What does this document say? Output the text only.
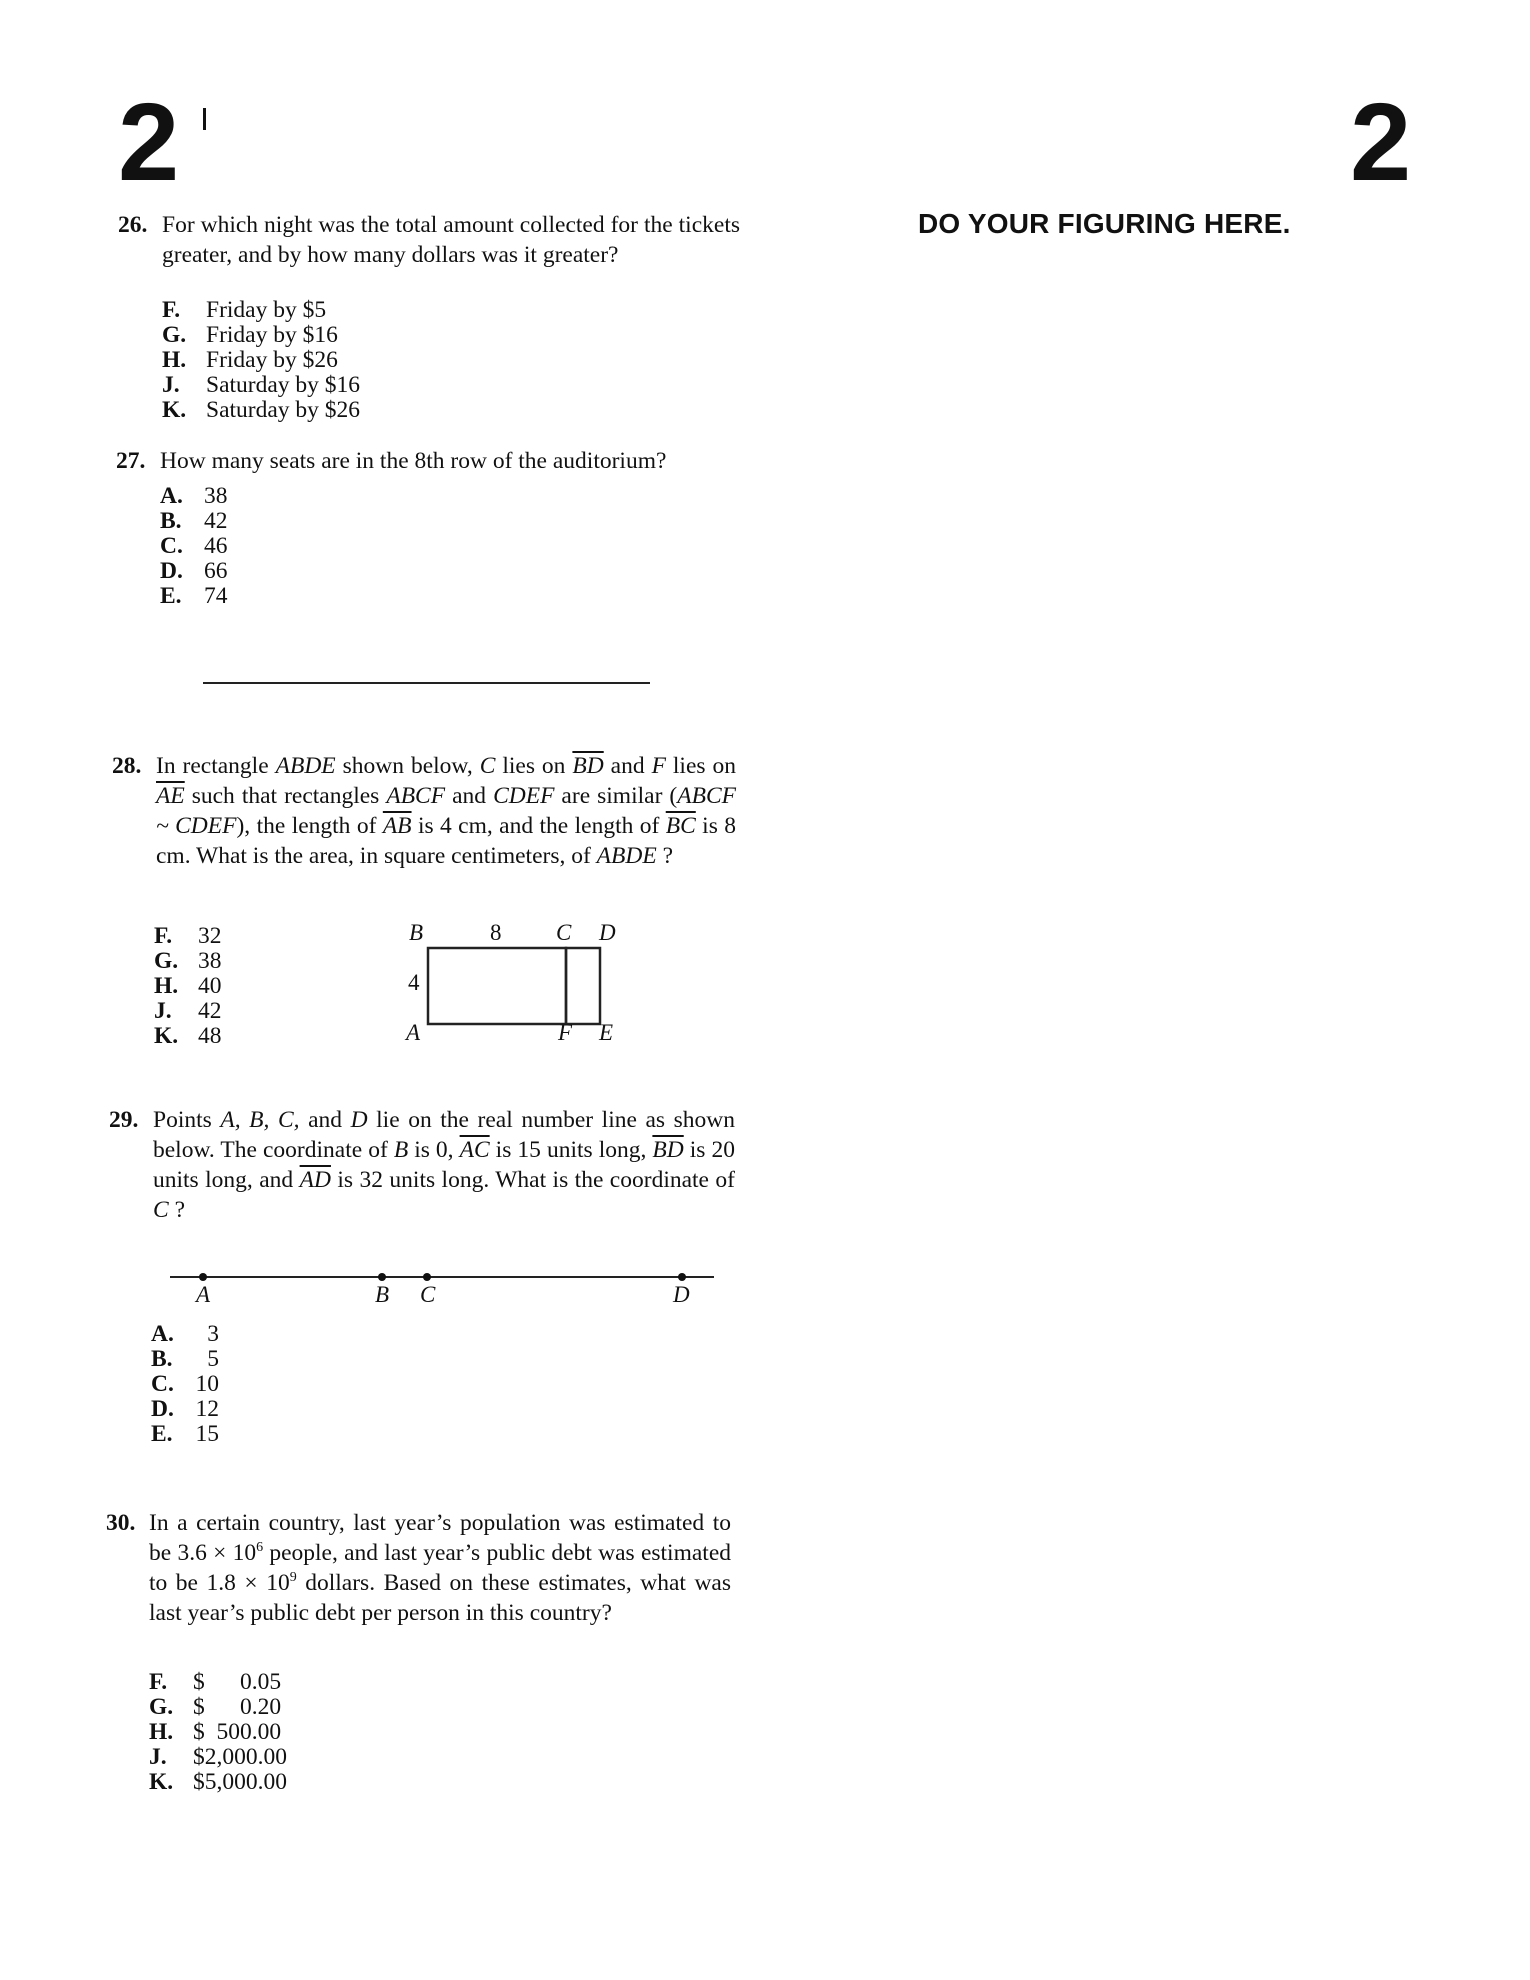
2	2
DO YOUR FIGURING HERE.
26. For which night was the total amount collected for the tickets greater, and by how many dollars was it greater?
F. Friday by $5
G. Friday by $16
H. Friday by $26
J. Saturday by $16
K. Saturday by $26
27. How many seats are in the 8th row of the auditorium?
A. 38
B. 42
C. 46
D. 66
E. 74
28. In rectangle ABDE shown below, C lies on $\overline{BD}$ and F lies on $\overline{AE}$ such that rectangles ABCF and CDEF are similar (ABCF ~ CDEF), the length of $\overline{AB}$ is 4 cm, and the length of $\overline{BC}$ is 8 cm. What is the area, in square centimeters, of ABDE ?
F. 32
G. 38
H. 40
J. 42
K. 48
B	8 C D
4
A	F E
29. Points A, B, C, and D lie on the real number line as shown below. The coordinate of B is 0, $\overline{AC}$ is 15 units long, $\overline{BD}$ is 20 units long, and $\overline{AD}$ is 32 units long. What is the coordinate of C ?
A	B C	D
A. 3
B. 5
C. 10
D. 12
E. 15
30. In a certain country, last year’s population was estimated to be $3.6 \times 10^6$ people, and last year’s public debt was estimated to be $1.8 \times 10^9$ dollars. Based on these estimates, what was last year’s public debt per person in this country?
F. $      0.05
G. $      0.20
H. $  500.00
J. $2,000.00
K. $5,000.00
